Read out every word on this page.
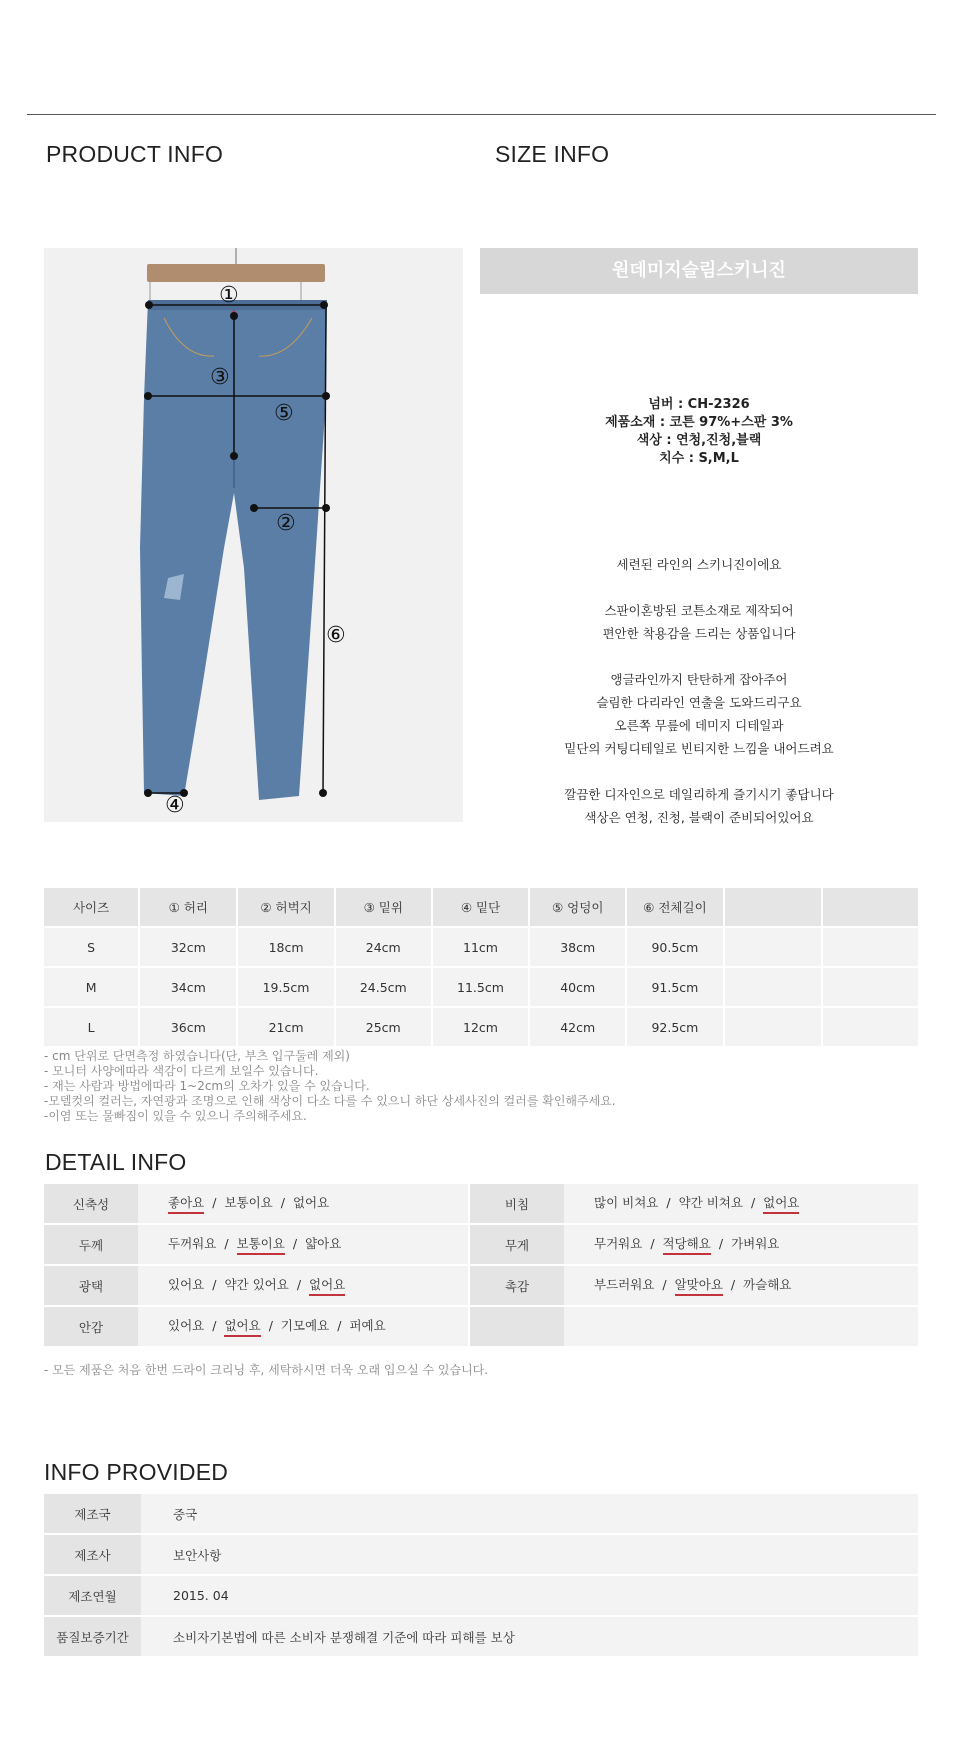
PRODUCT INFO	SIZE INFO
①
③
⑤
②
⑥
④
원데미지슬림스키니진
넘버 : CH-2326
제품소재 : 코튼 97%+스판 3%
색상 : 연청,진청,블랙
치수 : S,M,L
세련된 라인의 스키니진이에요
스판이혼방된 코튼소재로 제작되어
편안한 착용감을 드리는 상품입니다
앵글라인까지 탄탄하게 잡아주어
슬림한 다리라인 연출을 도와드리구요
오른쪽 무릎에 데미지 디테일과
밑단의 커팅디테일로 빈티지한 느낌을 내어드려요
깔끔한 디자인으로 데일리하게 즐기시기 좋답니다
색상은 연청, 진청, 블랙이 준비되어있어요
사이즈	① 허리	② 허벅지	③ 밑위	④ 밑단	⑤ 엉덩이	⑥ 전체길이		
S	32cm	18cm	24cm	11cm	38cm	90.5cm		
M	34cm	19.5cm	24.5cm	11.5cm	40cm	91.5cm		
L	36cm	21cm	25cm	12cm	42cm	92.5cm		
- cm 단위로 단면측정 하였습니다(단, 부츠 입구둘레 제외)
- 모니터 사양에따라 색감이 다르게 보일수 있습니다.
- 재는 사람과 방법에따라 1~2cm의 오차가 있을 수 있습니다.
-모델컷의 컬러는, 자연광과 조명으로 인해 색상이 다소 다를 수 있으니 하단 상세사진의 컬러를 확인해주세요.
-이염 또는 물빠짐이 있을 수 있으니 주의해주세요.
DETAIL INFO
신축성	좋아요 / 보통이요 / 없어요		비침	많이 비쳐요 / 약간 비쳐요 / 없어요
두께	두꺼워요 / 보통이요 / 얇아요		무게	무거워요 / 적당해요 / 가벼워요
광택	있어요 / 약간 있어요 / 없어요		촉감	부드러워요 / 알맞아요 / 까슬해요
안감	있어요 / 없어요 / 기모예요 / 퍼예요			
- 모든 제품은 처음 한번 드라이 크리닝 후, 세탁하시면 더욱 오래 입으실 수 있습니다.
INFO PROVIDED
제조국	중국
제조사	보안사항
제조연월	2015. 04
품질보증기간	소비자기본법에 따른 소비자 분쟁해결 기준에 따라 피해를 보상
